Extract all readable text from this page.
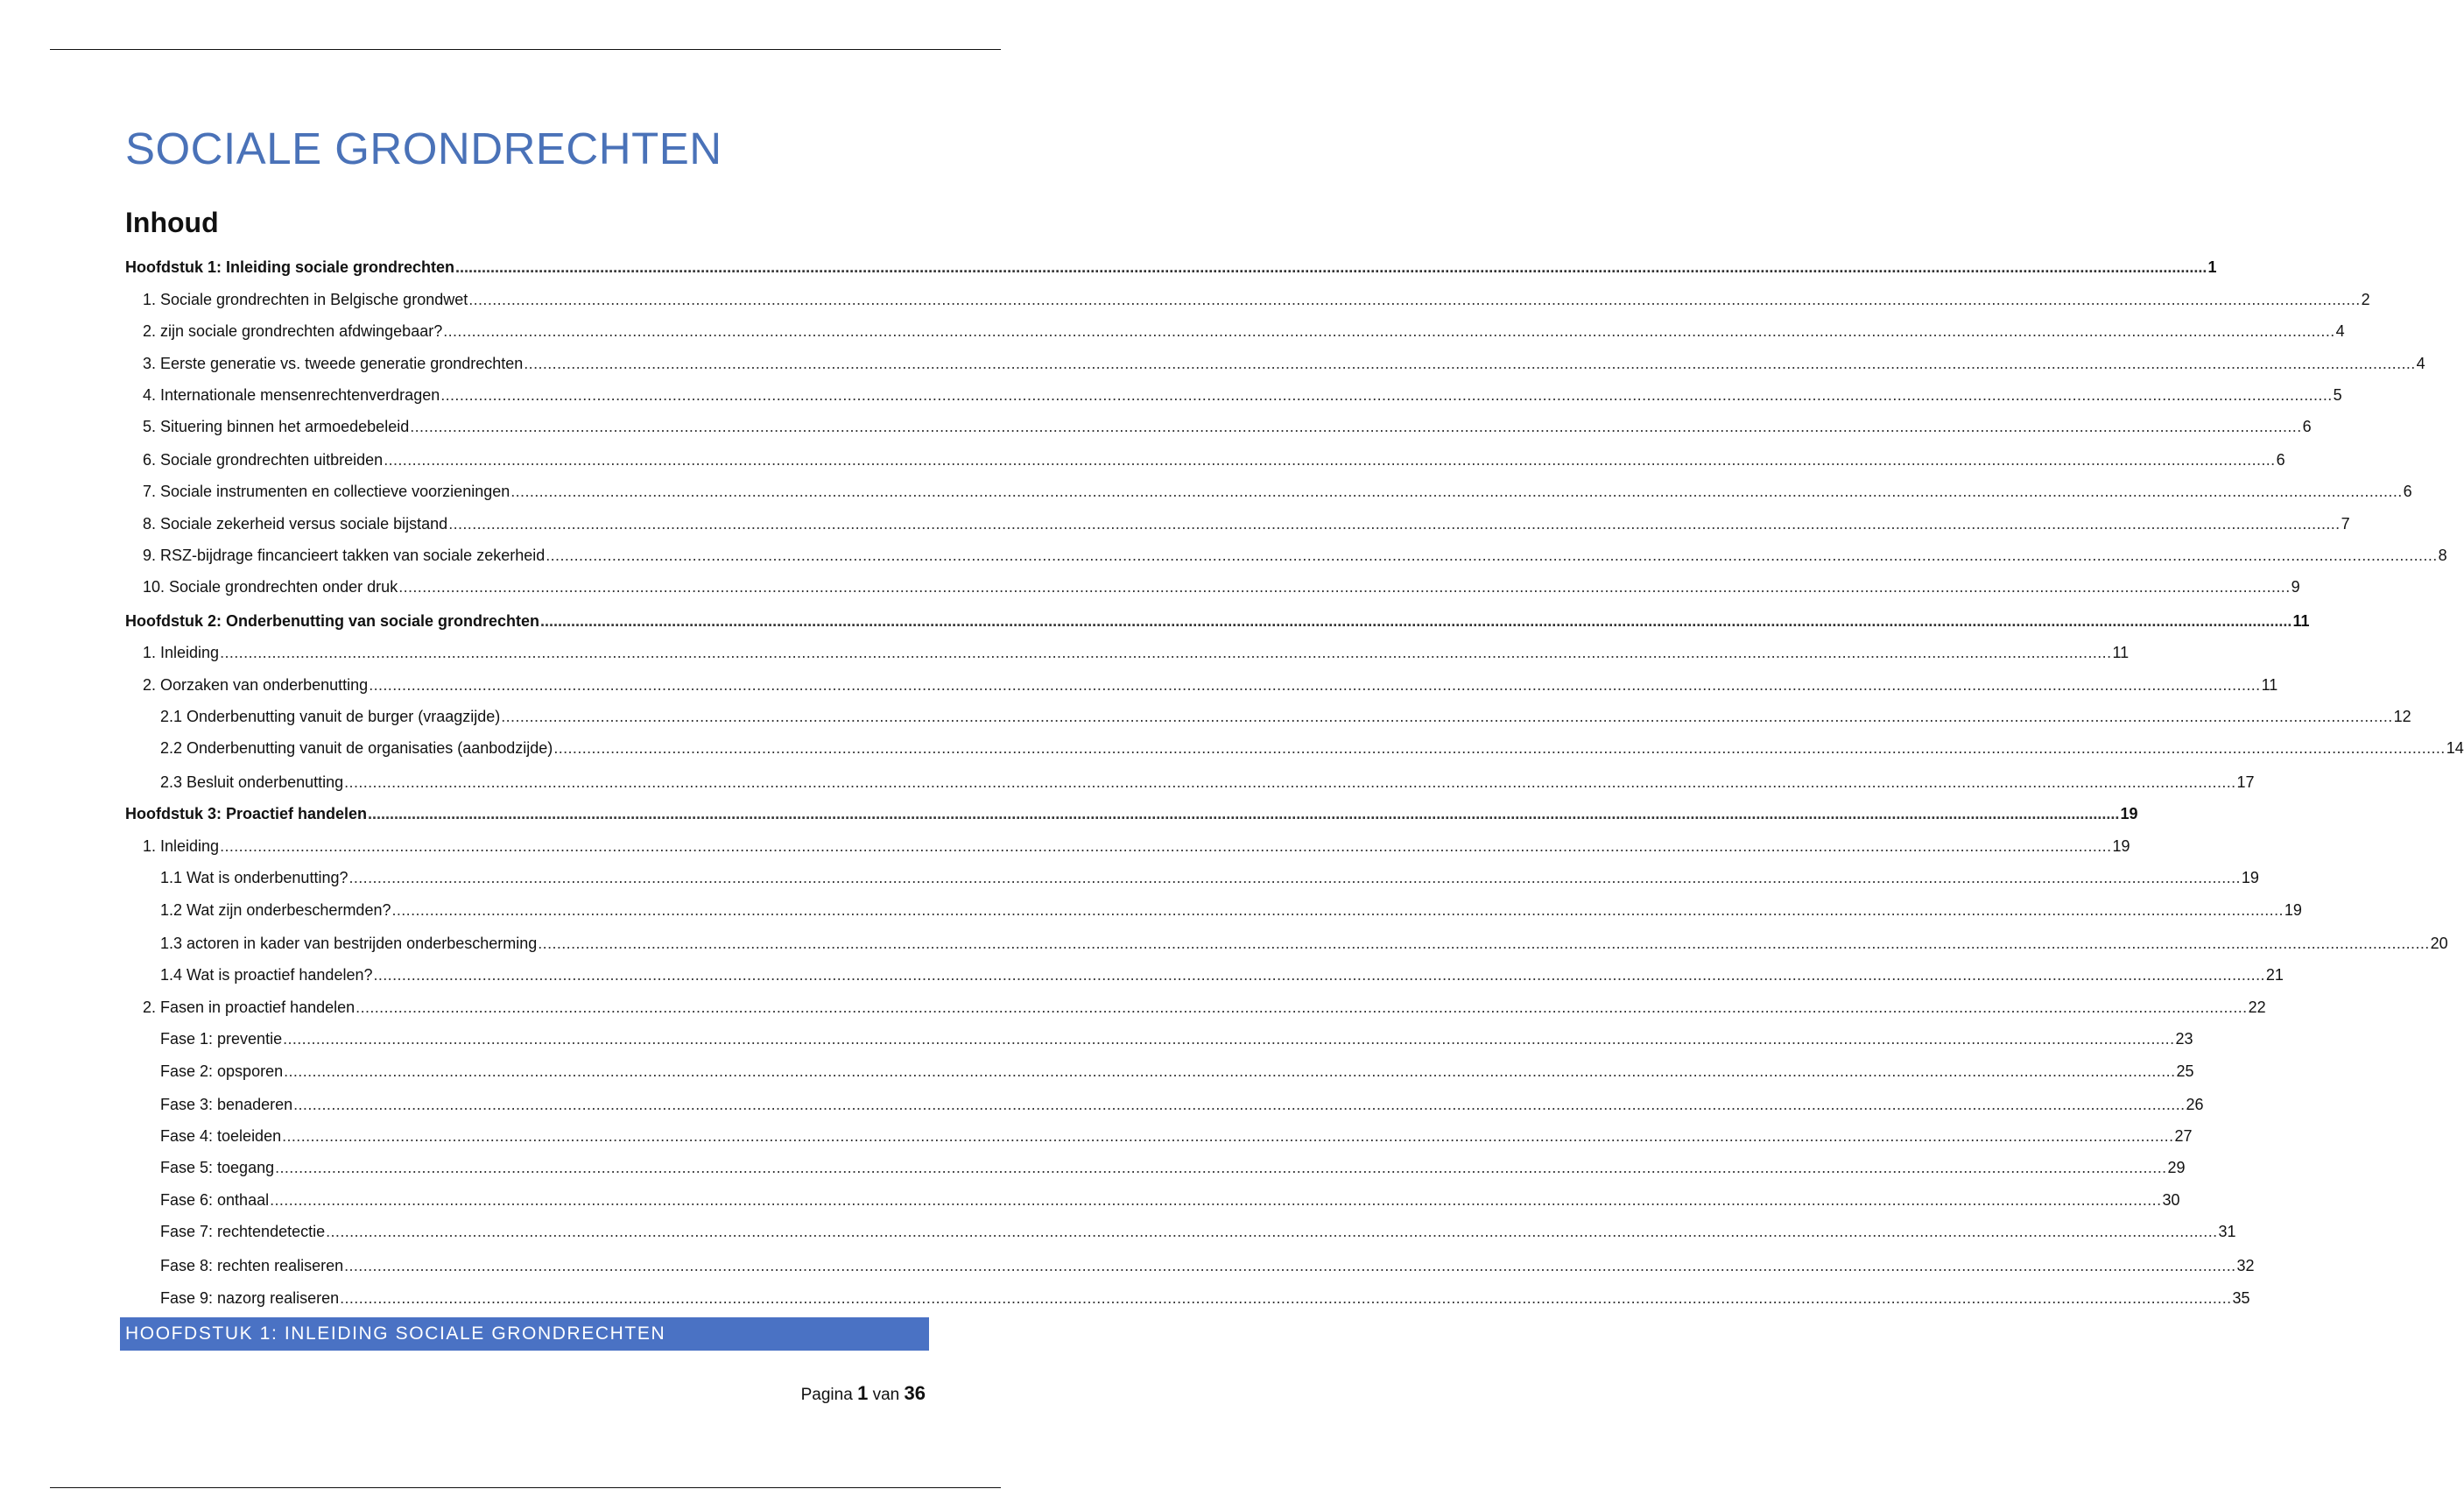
SOCIALE GRONDRECHTEN
Inhoud
Hoofdstuk 1: Inleiding sociale grondrechten ................................................................................................................................................................................................................................................................................................................................................................................................................ 1
1. Sociale grondrechten in Belgische grondwet ................................................................................................................................................................................................................................................................................................................................................................................................................ 2
2. zijn sociale grondrechten afdwingebaar? ................................................................................................................................................................................................................................................................................................................................................................................................................ 4
3. Eerste generatie vs. tweede generatie grondrechten ................................................................................................................................................................................................................................................................................................................................................................................................................ 4
4. Internationale mensenrechtenverdragen ................................................................................................................................................................................................................................................................................................................................................................................................................ 5
5. Situering binnen het armoedebeleid ................................................................................................................................................................................................................................................................................................................................................................................................................ 6
6. Sociale grondrechten uitbreiden ................................................................................................................................................................................................................................................................................................................................................................................................................ 6
7. Sociale instrumenten en collectieve voorzieningen ................................................................................................................................................................................................................................................................................................................................................................................................................ 6
8. Sociale zekerheid versus sociale bijstand ................................................................................................................................................................................................................................................................................................................................................................................................................ 7
9. RSZ-bijdrage fincancieert takken van sociale zekerheid ................................................................................................................................................................................................................................................................................................................................................................................................................ 8
10. Sociale grondrechten onder druk ................................................................................................................................................................................................................................................................................................................................................................................................................ 9
Hoofdstuk 2: Onderbenutting van sociale grondrechten ................................................................................................................................................................................................................................................................................................................................................................................................................ 11
1. Inleiding ................................................................................................................................................................................................................................................................................................................................................................................................................ 11
2. Oorzaken van onderbenutting ................................................................................................................................................................................................................................................................................................................................................................................................................ 11
2.1 Onderbenutting vanuit de burger (vraagzijde) ................................................................................................................................................................................................................................................................................................................................................................................................................ 12
2.2 Onderbenutting vanuit de organisaties (aanbodzijde) ................................................................................................................................................................................................................................................................................................................................................................................................................ 14
2.3 Besluit onderbenutting ................................................................................................................................................................................................................................................................................................................................................................................................................ 17
Hoofdstuk 3: Proactief handelen ................................................................................................................................................................................................................................................................................................................................................................................................................ 19
1. Inleiding ................................................................................................................................................................................................................................................................................................................................................................................................................ 19
1.1 Wat is onderbenutting? ................................................................................................................................................................................................................................................................................................................................................................................................................ 19
1.2 Wat zijn onderbeschermden? ................................................................................................................................................................................................................................................................................................................................................................................................................ 19
1.3 actoren in kader van bestrijden onderbescherming ................................................................................................................................................................................................................................................................................................................................................................................................................ 20
1.4 Wat is proactief handelen? ................................................................................................................................................................................................................................................................................................................................................................................................................ 21
2. Fasen in proactief handelen ................................................................................................................................................................................................................................................................................................................................................................................................................ 22
Fase 1: preventie ................................................................................................................................................................................................................................................................................................................................................................................................................ 23
Fase 2: opsporen ................................................................................................................................................................................................................................................................................................................................................................................................................ 25
Fase 3: benaderen ................................................................................................................................................................................................................................................................................................................................................................................................................ 26
Fase 4: toeleiden ................................................................................................................................................................................................................................................................................................................................................................................................................ 27
Fase 5: toegang ................................................................................................................................................................................................................................................................................................................................................................................................................ 29
Fase 6: onthaal ................................................................................................................................................................................................................................................................................................................................................................................................................ 30
Fase 7: rechtendetectie ................................................................................................................................................................................................................................................................................................................................................................................................................ 31
Fase 8: rechten realiseren ................................................................................................................................................................................................................................................................................................................................................................................................................ 32
Fase 9: nazorg realiseren ................................................................................................................................................................................................................................................................................................................................................................................................................ 35
HOOFDSTUK 1: INLEIDING SOCIALE GRONDRECHTEN
Pagina 1 van 36
